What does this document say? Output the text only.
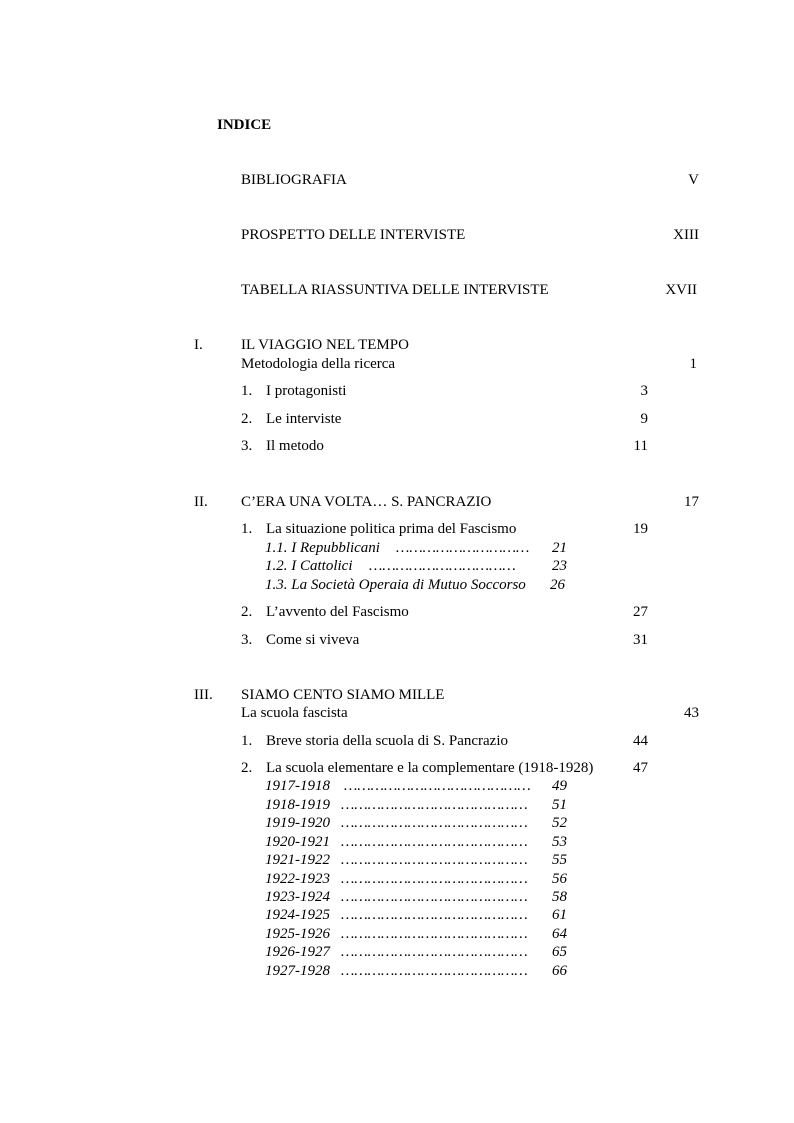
INDICE
BIBLIOGRAFIA	V
PROSPETTO DELLE INTERVISTE	XIII
TABELLA RIASSUNTIVA DELLE INTERVISTE	XVII
I.	IL VIAGGIO NEL TEMPO
Metodologia della ricerca	1
1. I protagonisti	3
2. Le interviste	9
3. Il metodo	11
II. C’ERA UNA VOLTA… S. PANCRAZIO	17
1. La situazione politica prima del Fascismo	19
1.1. I Repubblicani ………………………… 21
1.2. I Cattolici …………………………… 23
1.3. La Società Operaia di Mutuo Soccorso 26
2. L’avvento del Fascismo	27
3. Come si viveva	31
III. SIAMO CENTO SIAMO MILLE
La scuola fascista	43
1. Breve storia della scuola di S. Pancrazio	44
2. La scuola elementare e la complementare (1918-1928)	47
1917-1918 …………………………………… 49
1918-1919 …………………………………… 51
1919-1920 …………………………………… 52
1920-1921 …………………………………… 53
1921-1922 …………………………………… 55
1922-1923 …………………………………… 56
1923-1924 …………………………………… 58
1924-1925 …………………………………… 61
1925-1926 …………………………………… 64
1926-1927 …………………………………… 65
1927-1928 …………………………………… 66
